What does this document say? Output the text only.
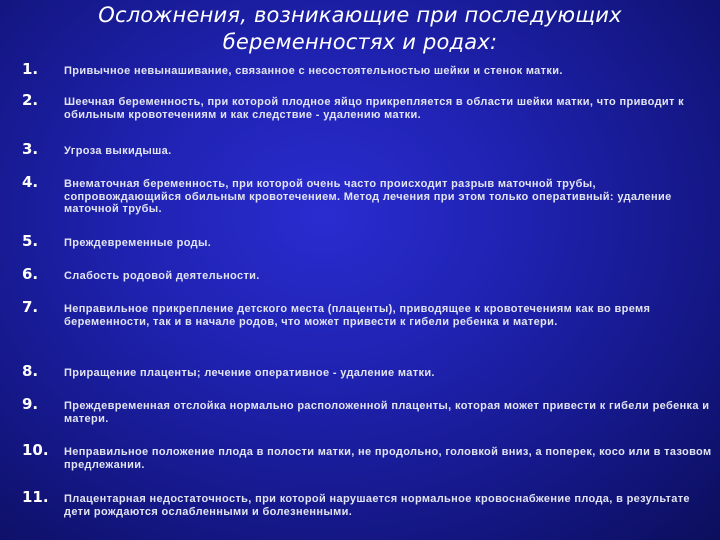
Осложнения, возникающие при последующих
беременностях и родах:
1. Привычное невынашивание, связанное с несостоятельностью шейки и стенок матки.
2. Шеечная беременность, при которой плодное яйцо прикрепляется в области шейки матки, что приводит к обильным кровотечениям и как следствие - удалению матки.
3. Угроза выкидыша.
4. Внематочная беременность, при которой очень часто происходит разрыв маточной трубы, сопровождающийся обильным кровотечением. Метод лечения при этом только оперативный: удаление маточной трубы.
5. Преждевременные роды.
6. Слабость родовой деятельности.
7. Неправильное прикрепление детского места (плаценты), приводящее к кровотечениям как во время беременности, так и в начале родов, что может привести к гибели ребенка и матери.
8. Приращение плаценты; лечение оперативное - удаление матки.
9. Преждевременная отслойка нормально расположенной плаценты, которая может привести к гибели ребенка и матери.
10. Неправильное положение плода в полости матки, не продольно, головкой вниз, а поперек, косо или в тазовом предлежании.
11. Плацентарная недостаточность, при которой нарушается нормальное кровоснабжение плода, в результате дети рождаются ослабленными и болезненными.
